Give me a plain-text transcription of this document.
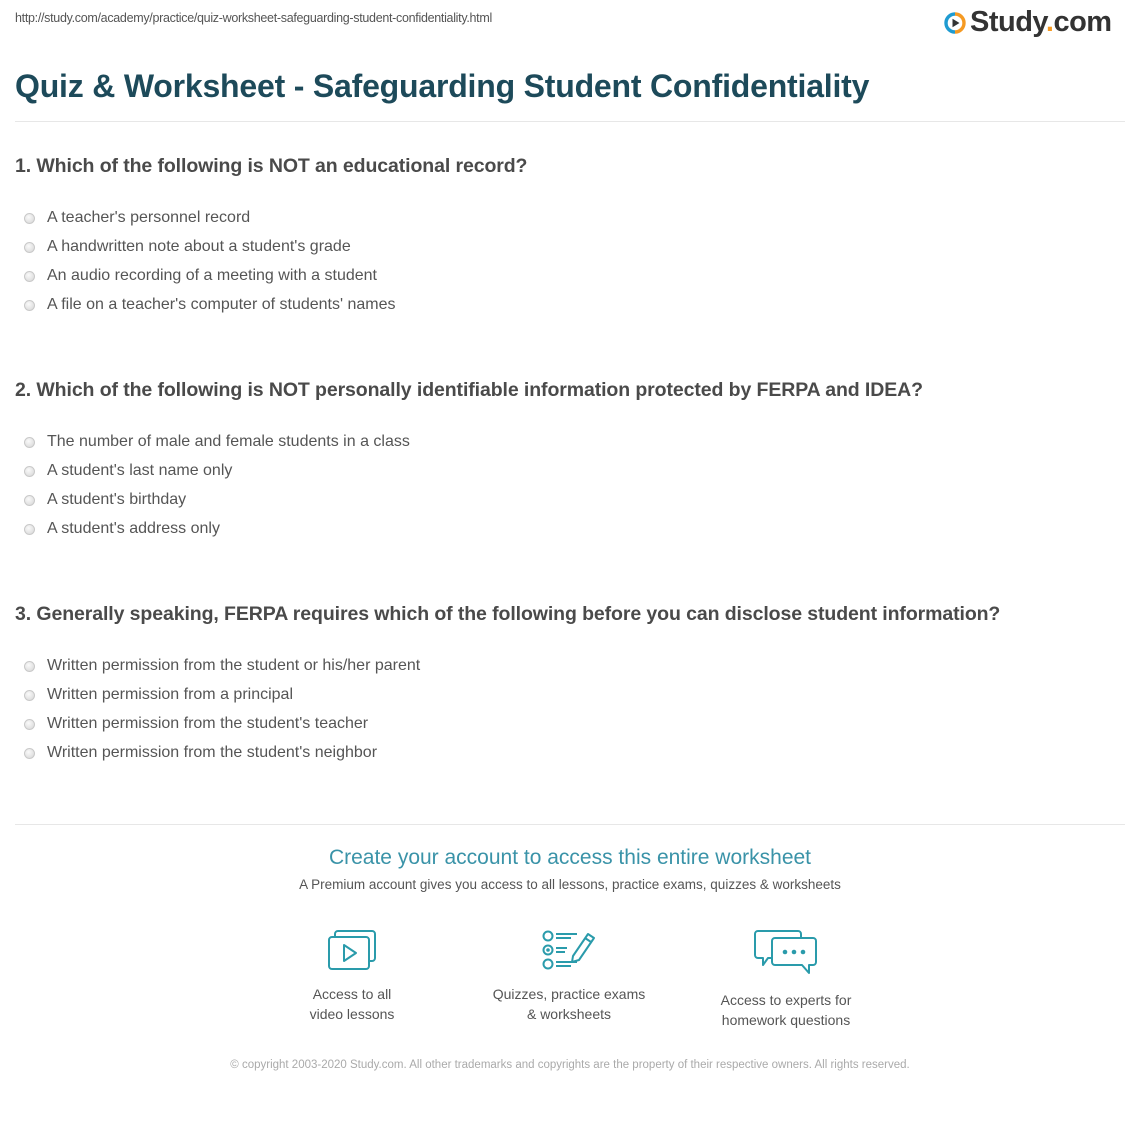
http://study.com/academy/practice/quiz-worksheet-safeguarding-student-confidentiality.html	Study.com
Quiz & Worksheet - Safeguarding Student Confidentiality
1. Which of the following is NOT an educational record?
A teacher's personnel record
A handwritten note about a student's grade
An audio recording of a meeting with a student
A file on a teacher's computer of students' names
2. Which of the following is NOT personally identifiable information protected by FERPA and IDEA?
The number of male and female students in a class
A student's last name only
A student's birthday
A student's address only
3. Generally speaking, FERPA requires which of the following before you can disclose student information?
Written permission from the student or his/her parent
Written permission from a principal
Written permission from the student's teacher
Written permission from the student's neighbor
Create your account to access this entire worksheet
A Premium account gives you access to all lessons, practice exams, quizzes & worksheets
Access to all
video lessons
Quizzes, practice exams
& worksheets
Access to experts for
homework questions
© copyright 2003-2020 Study.com. All other trademarks and copyrights are the property of their respective owners. All rights reserved.
